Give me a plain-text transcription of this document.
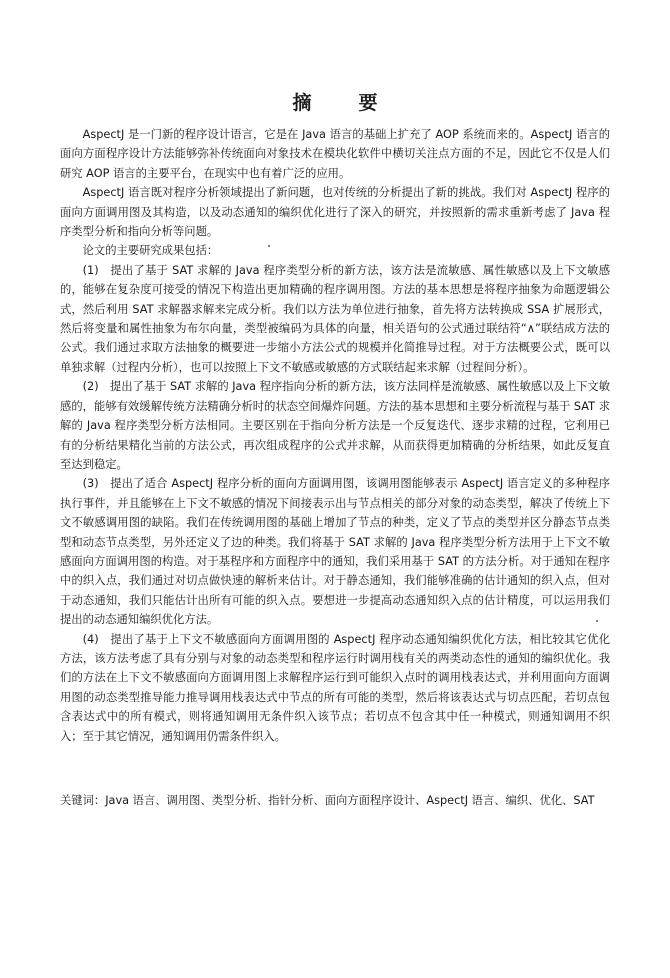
摘　要

AspectJ 是一门新的程序设计语言，它是在 Java 语言的基础上扩充了 AOP 系统而来的。AspectJ 语言的面向方面程序设计方法能够弥补传统面向对象技术在模块化软件中横切关注点方面的不足，因此它不仅是人们研究 AOP 语言的主要平台，在现实中也有着广泛的应用。

AspectJ 语言既对程序分析领域提出了新问题，也对传统的分析提出了新的挑战。我们对 AspectJ 程序的面向方面调用图及其构造，以及动态通知的编织优化进行了深入的研究，并按照新的需求重新考虑了 Java 程序类型分析和指向分析等问题。

论文的主要研究成果包括：

(1)　提出了基于 SAT 求解的 Java 程序类型分析的新方法，该方法是流敏感、属性敏感以及上下文敏感的，能够在复杂度可接受的情况下构造出更加精确的程序调用图。方法的基本思想是将程序抽象为命题逻辑公式，然后利用 SAT 求解器求解来完成分析。我们以方法为单位进行抽象，首先将方法转换成 SSA 扩展形式，然后将变量和属性抽象为布尔向量，类型被编码为具体的向量，相关语句的公式通过联结符“∧”联结成方法的公式。我们通过求取方法抽象的概要进一步缩小方法公式的规模并化简推导过程。对于方法概要公式，既可以单独求解（过程内分析），也可以按照上下文不敏感或敏感的方式联结起来求解（过程间分析）。

(2)　提出了基于 SAT 求解的 Java 程序指向分析的新方法，该方法同样是流敏感、属性敏感以及上下文敏感的，能够有效缓解传统方法精确分析时的状态空间爆炸问题。方法的基本思想和主要分析流程与基于 SAT 求解的 Java 程序类型分析方法相同。主要区别在于指向分析方法是一个反复迭代、逐步求精的过程，它利用已有的分析结果精化当前的方法公式，再次组成程序的公式并求解，从而获得更加精确的分析结果，如此反复直至达到稳定。

(3)　提出了适合 AspectJ 程序分析的面向方面调用图，该调用图能够表示 AspectJ 语言定义的多种程序执行事件，并且能够在上下文不敏感的情况下间接表示出与节点相关的部分对象的动态类型，解决了传统上下文不敏感调用图的缺陷。我们在传统调用图的基础上增加了节点的种类，定义了节点的类型并区分静态节点类型和动态节点类型，另外还定义了边的种类。我们将基于 SAT 求解的 Java 程序类型分析方法用于上下文不敏感面向方面调用图的构造。对于基程序和方面程序中的通知，我们采用基于 SAT 的方法分析。对于通知在程序中的织入点，我们通过对切点做快速的解析来估计。对于静态通知，我们能够准确的估计通知的织入点，但对于动态通知，我们只能估计出所有可能的织入点。要想进一步提高动态通知织入点的估计精度，可以运用我们提出的动态通知编织优化方法。

(4)　提出了基于上下文不敏感面向方面调用图的 AspectJ 程序动态通知编织优化方法，相比较其它优化方法，该方法考虑了具有分别与对象的动态类型和程序运行时调用栈有关的两类动态性的通知的编织优化。我们的方法在上下文不敏感面向方面调用图上求解程序运行到可能织入点时的调用栈表达式，并利用面向方面调用图的动态类型推导能力推导调用栈表达式中节点的所有可能的类型，然后将该表达式与切点匹配，若切点包含表达式中的所有模式，则将通知调用无条件织入该节点；若切点不包含其中任一种模式，则通知调用不织入；至于其它情况，通知调用仍需条件织入。

关键词：Java 语言、调用图、类型分析、指针分析、面向方面程序设计、AspectJ 语言、编织、优化、SAT
